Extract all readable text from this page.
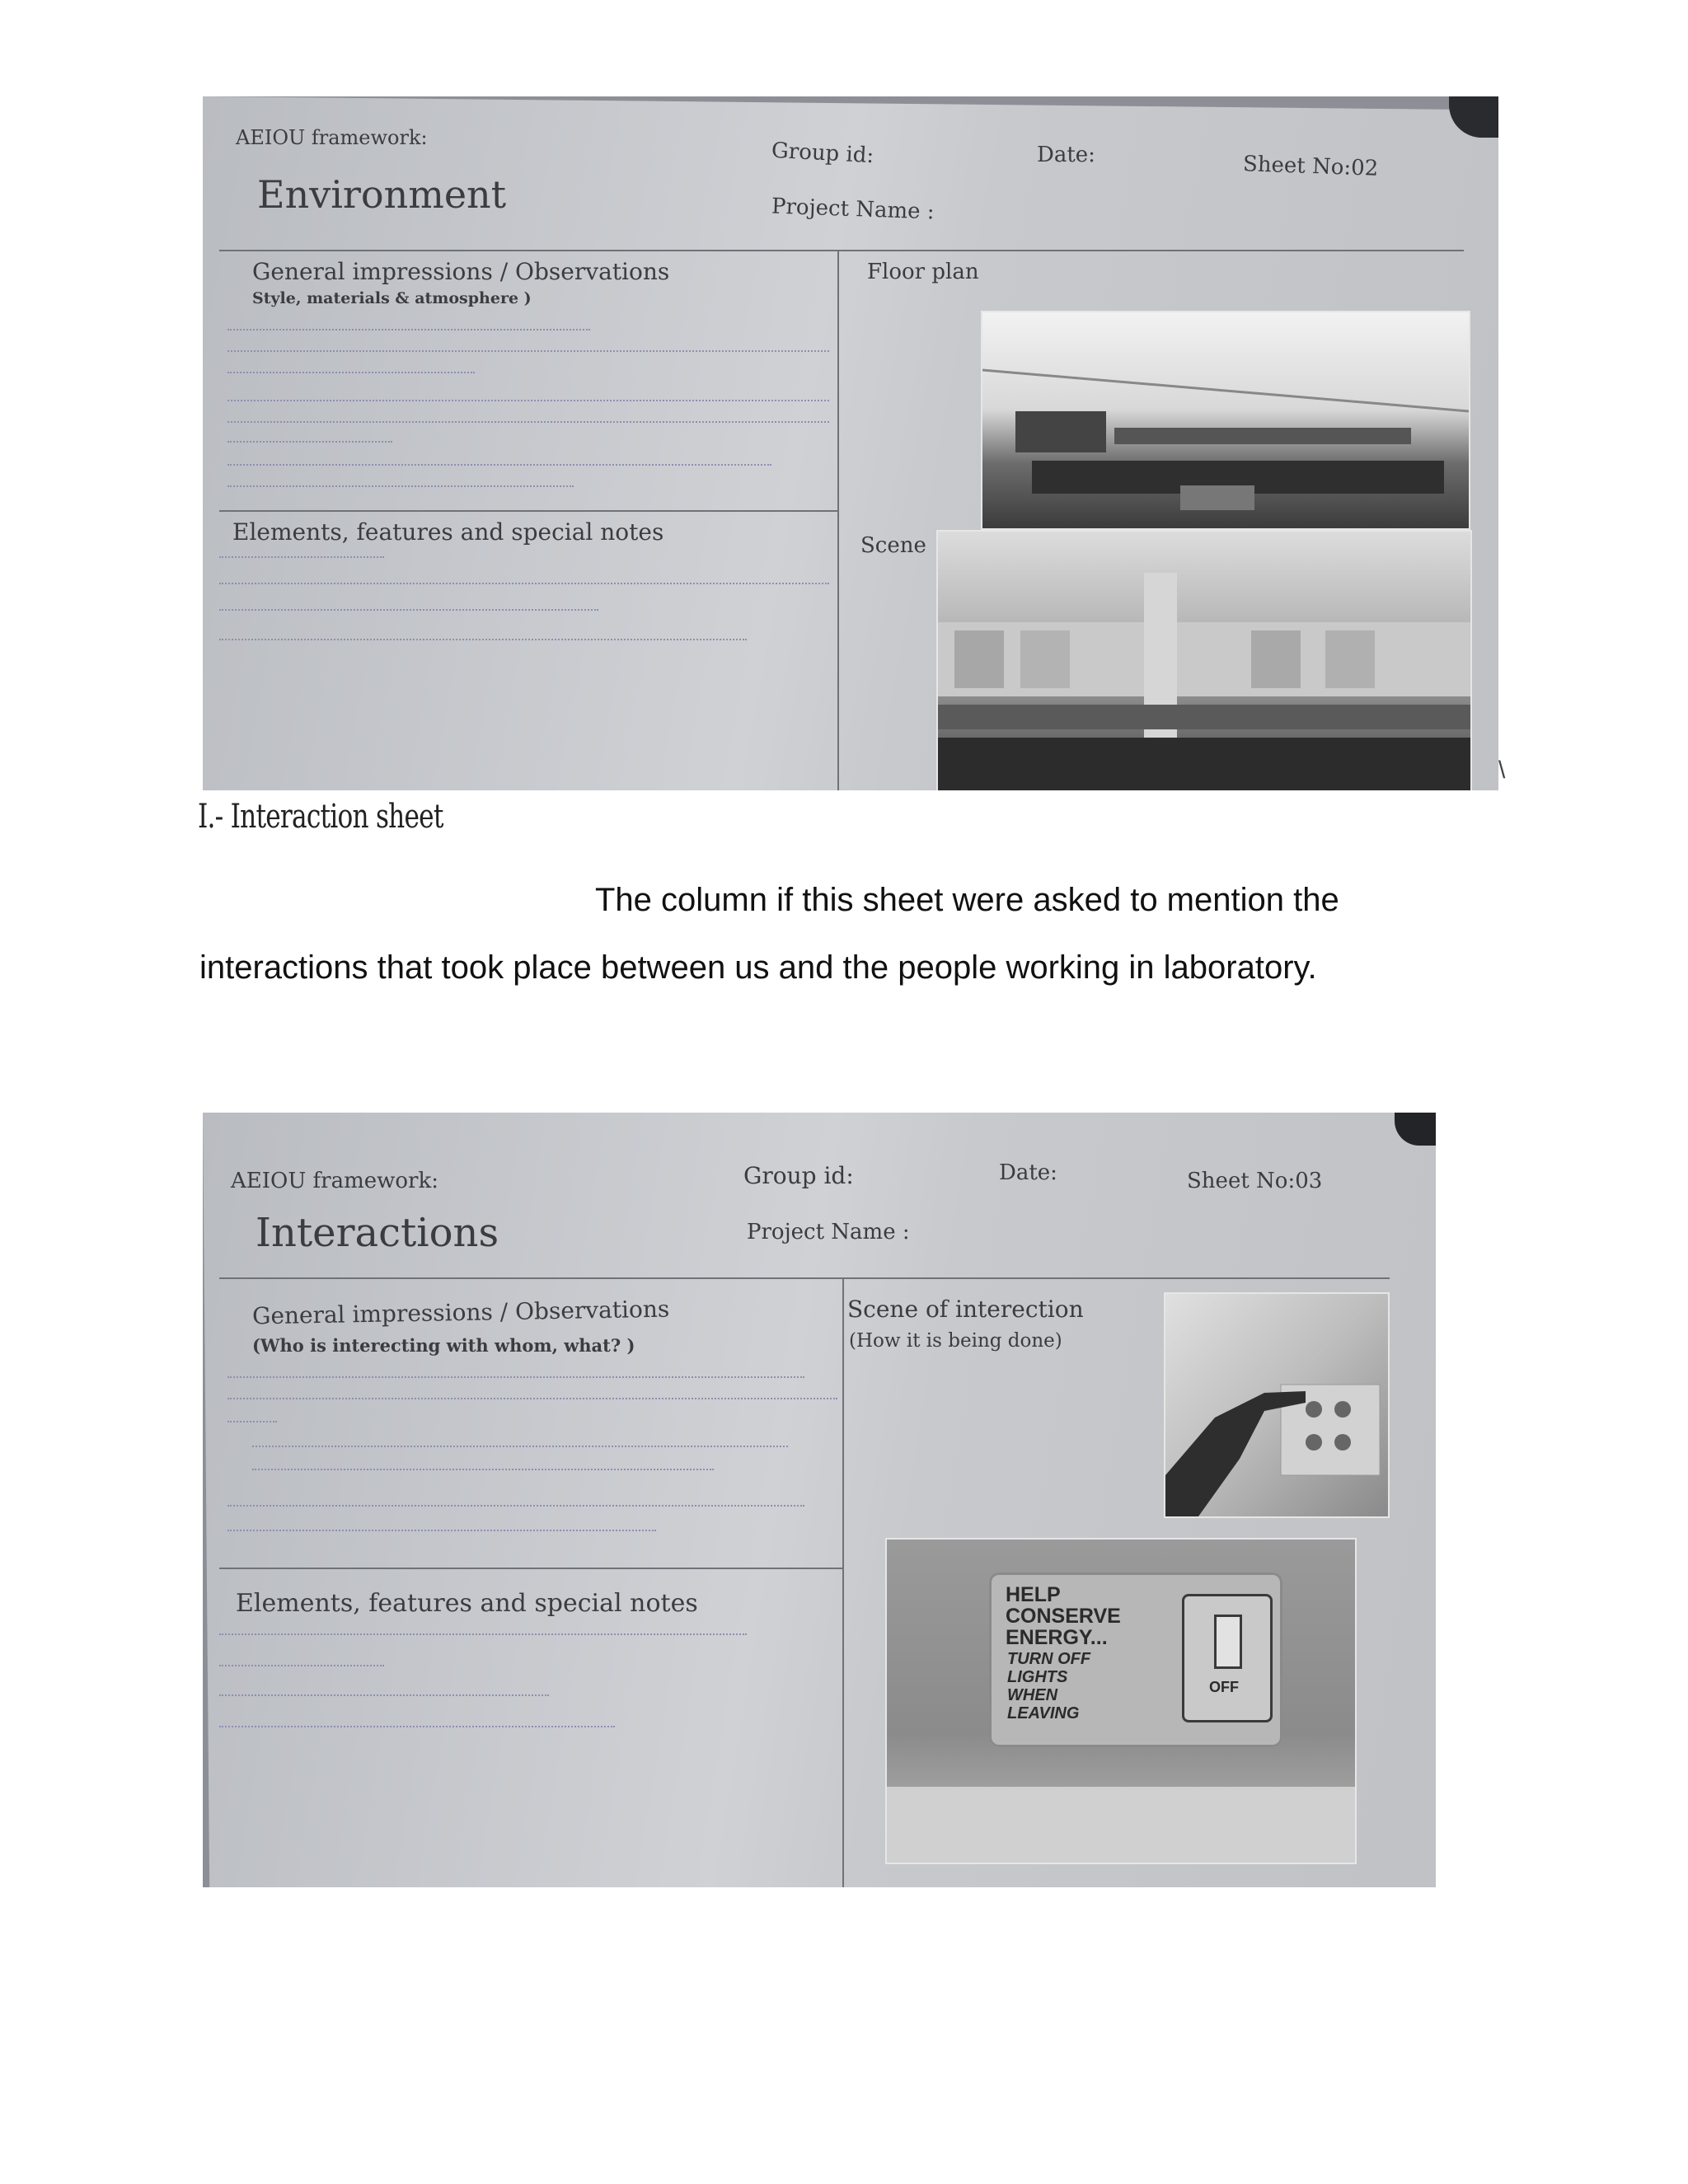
AEIOU framework:
Environment
Group id:	Date:	Sheet No:02
Project Name :
General impressions / Observations
Style, materials & atmosphere )
Elements, features and special notes
Floor plan
Scene
\
I.- Interaction sheet
The column if this sheet were asked to mention the
interactions that took place between us and the people working in laboratory.
AEIOU framework:
Interactions
Group id:	Date:	Sheet No:03
Project Name :
General impressions / Observations
(Who is interecting with whom, what? )
Elements, features and special notes
Scene of interection
(How it is being done)
HELP
CONSERVE
ENERGY...
TURN OFF
LIGHTS
WHEN
LEAVING
OFF
